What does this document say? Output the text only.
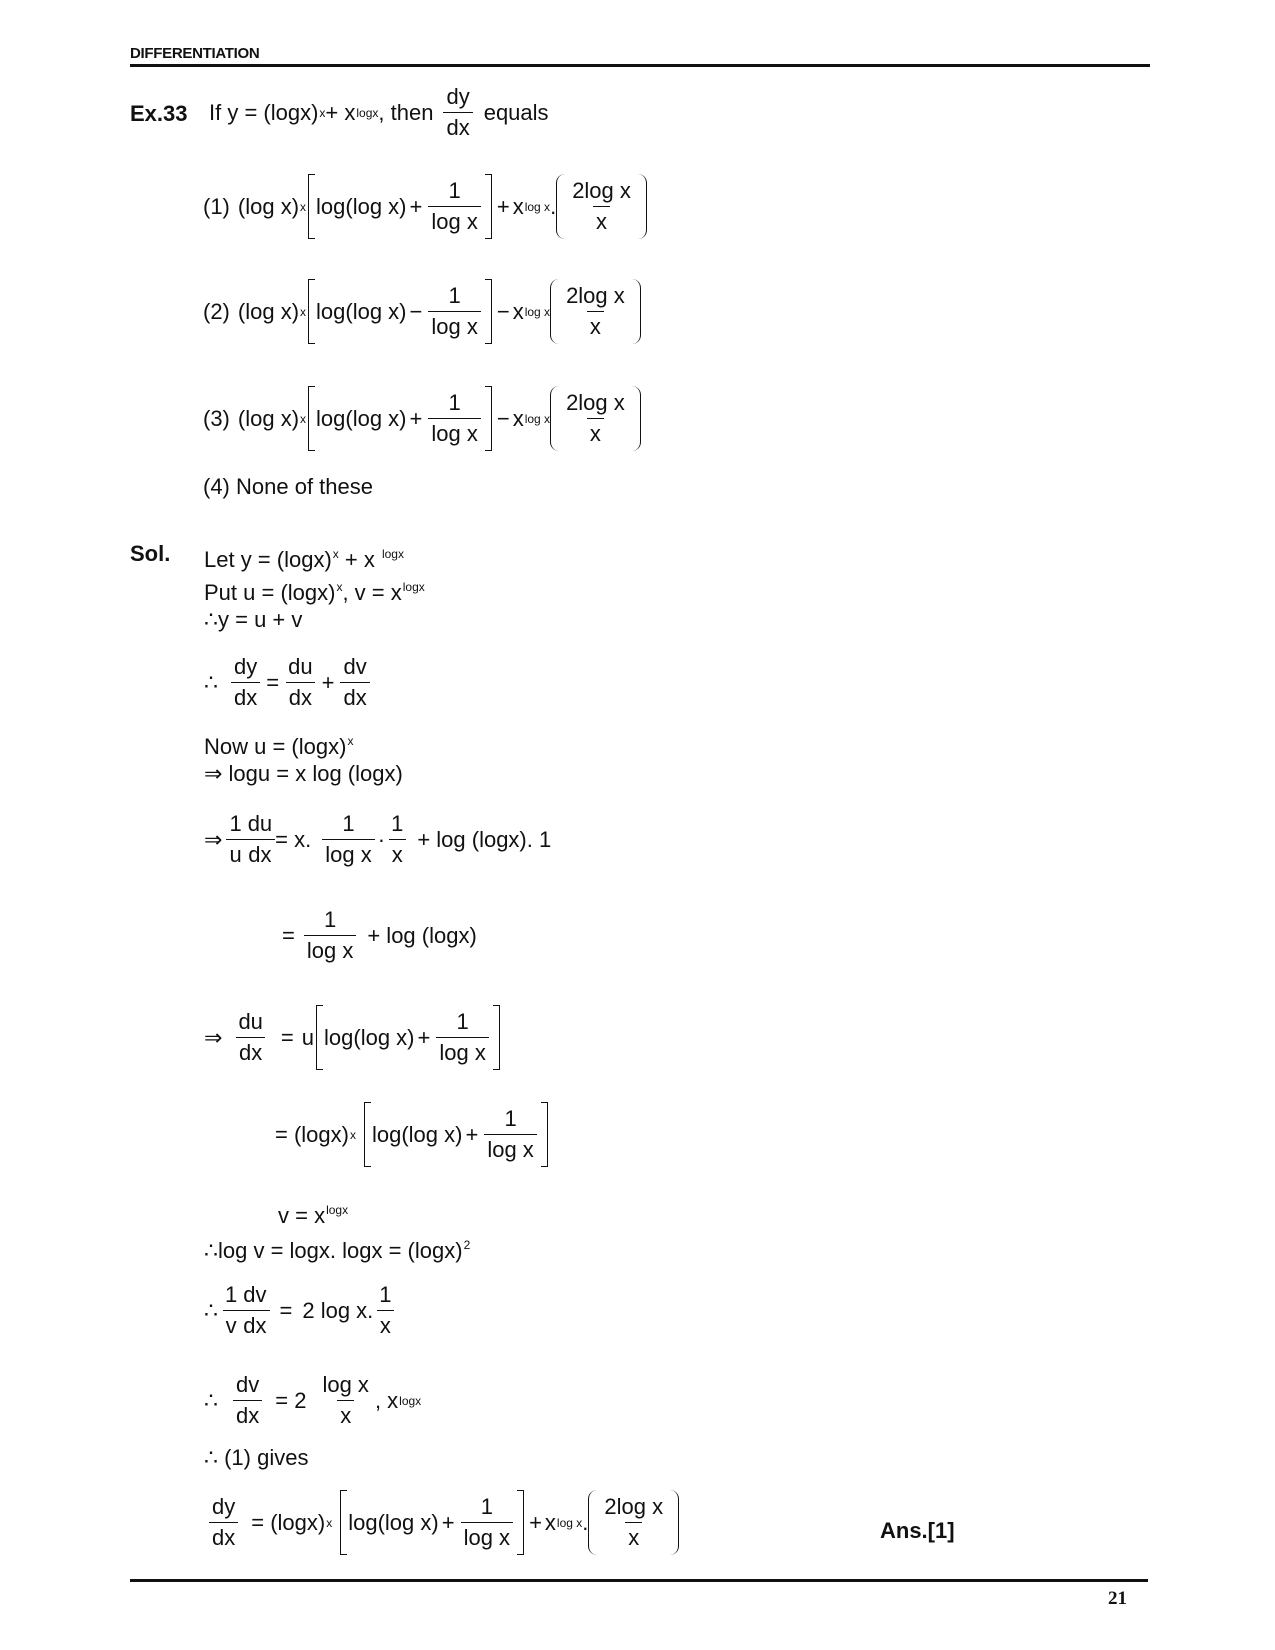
DIFFERENTIATION
Ex.33 If y = (logx) x + x logx , then $\frac{dy}{dx}$ equals
(1) (log x) x log(log $x) + \frac{1}{\text{log x}} + x$ log x . $\frac{\text{2log x}}{x}$
(2) (log x) x log(log $x) - \frac{1}{\text{log x}} - x$ log x $\frac{\text{2log x}}{x}$
(3) (log x) x log(log $x) + \frac{1}{\text{log x}} - x$ log x $\frac{\text{2log x}}{x}$
(4) None of these
Sol. Let $y = (\log x)^x + x$ $^{logx}$
Put $u = (\log x)^x$, $v = x^{logx}$
∴y = u + v
∴ $\frac{dy}{dx} = \frac{du}{dx} + \frac{dv}{dx}$
Now $u = (\log x)^x$
⇒ logu = x log (logx)
⇒ $\frac{1}{u} \frac{du}{dx} = x$. $\frac{1}{\text{log x}} \cdot \frac{1}{x} + \log (\log x)$. 1
= $\frac{1}{\text{log x}} + \log (\log x)$
⇒ $\frac{du}{dx} = u$ log(log $x) + \frac{1}{\text{log x}}$
= (logx) x log(log $x) + \frac{1}{\text{log x}}$
$v = x^{logx}$
∴log v = logx. $\log x = (\log x)^2$
∴ $\frac{1}{v} \frac{dv}{dx} = 2$ log x. $\frac{1}{x}$
∴ $\frac{dv}{dx} = 2 \frac{\text{log x}}{x}$ , x logx
∴ (1) gives
$\frac{dy}{dx} = (\log x)$ x log(log $x) + \frac{1}{\text{log x}} + x$ log x . $\frac{\text{2log x}}{x}$	Ans.[1]
21
